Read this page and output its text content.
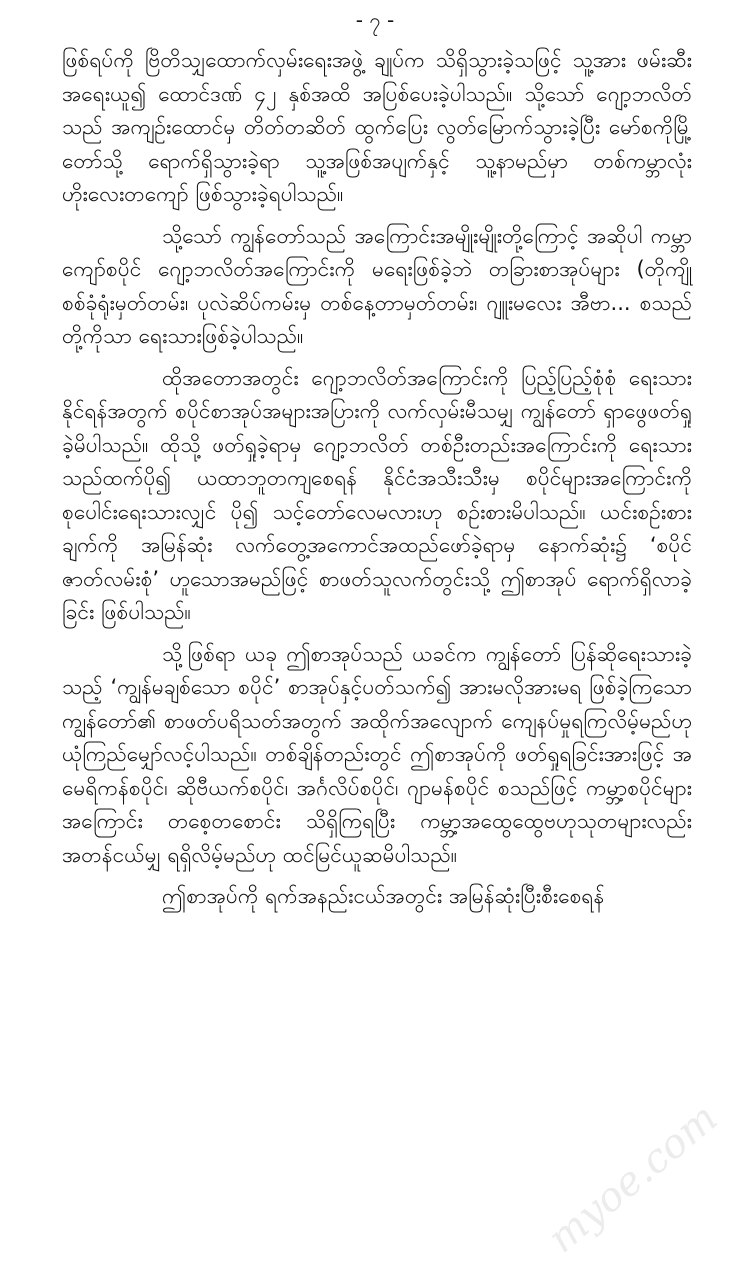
- ၇ -

ဖြစ်ရပ်ကို ဗြိတိသျှထောက်လှမ်းရေးအဖွဲ့ ချုပ်က သိရှိသွားခဲ့သဖြင့် သူ့အား ဖမ်းဆီးအရေးယူ၍ ထောင်ဒဏ် ၄၂ နှစ်အထိ အပြစ်ပေးခဲ့ပါသည်။ သို့သော် ဂျော့ဘလိတ်သည် အကျဉ်းထောင်မှ တိတ်တဆိတ် ထွက်ပြေး လွတ်မြောက်သွားခဲ့ပြီး မော်စကိုမြို့ တော်သို့ ရောက်ရှိသွားခဲ့ရာ သူ့အဖြစ်အပျက်နှင့် သူ့နာမည်မှာ တစ်ကမ္ဘာလုံး ဟိုးလေးတကျော် ဖြစ်သွားခဲ့ရပါသည်။

သို့သော် ကျွန်တော်သည် အကြောင်းအမျိုးမျိုးတို့ကြောင့် အဆိုပါ ကမ္ဘာကျော်စပိုင် ဂျော့ဘလိတ်အကြောင်းကို မရေးဖြစ်ခဲ့ဘဲ တခြားစာအုပ်များ (တိုကျိုစစ်ခုံရုံးမှတ်တမ်း၊ ပုလဲဆိပ်ကမ်းမှ တစ်နေ့တာမှတ်တမ်း၊ ဂျူးမလေး အီဗာ... စသည်တို့ကိုသာ ရေးသားဖြစ်ခဲ့ပါသည်။

ထိုအတောအတွင်း ဂျော့ဘလိတ်အကြောင်းကို ပြည့်ပြည့်စုံစုံ ရေးသားနိုင်ရန်အတွက် စပိုင်စာအုပ်အများအပြားကို လက်လှမ်းမီသမျှ ကျွန်တော် ရှာဖွေဖတ်ရှုခဲ့မိပါသည်။ ထိုသို့ ဖတ်ရှုခဲ့ရာမှ ဂျော့ဘလိတ် တစ်ဦးတည်းအကြောင်းကို ရေးသားသည်ထက်ပို၍ ယထာဘူတကျစေရန် နိုင်ငံအသီးသီးမှ စပိုင်များအကြောင်းကို စုပေါင်းရေးသားလျှင် ပို၍ သင့်တော်လေမလားဟု စဉ်းစားမိပါသည်။ ယင်းစဉ်းစားချက်ကို အမြန်ဆုံး လက်တွေ့အကောင်အထည်ဖော်ခဲ့ရာမှ နောက်ဆုံး၌ ‘စပိုင်ဇာတ်လမ်းစုံ’ ဟူသောအမည်ဖြင့် စာဖတ်သူလက်တွင်းသို့ ဤစာအုပ် ရောက်ရှိလာခဲ့ခြင်း ဖြစ်ပါသည်။

သို့ဖြစ်ရာ ယခု ဤစာအုပ်သည် ယခင်က ကျွန်တော် ပြန်ဆိုရေးသားခဲ့သည့် ‘ကျွန်မချစ်သော စပိုင်’ စာအုပ်နှင့်ပတ်သက်၍ အားမလိုအားမရ ဖြစ်ခဲ့ကြသော ကျွန်တော်၏ စာဖတ်ပရိသတ်အတွက် အထိုက်အလျောက် ကျေနပ်မှုရကြလိမ့်မည်ဟု ယုံကြည်မျှော်လင့်ပါသည်။ တစ်ချိန်တည်းတွင် ဤစာအုပ်ကို ဖတ်ရှုရခြင်းအားဖြင့် အမေရိကန်စပိုင်၊ ဆိုဗီယက်စပိုင်၊ အင်္ဂလိပ်စပိုင်၊ ဂျာမန်စပိုင် စသည်ဖြင့် ကမ္ဘာ့စပိုင်များအကြောင်း တစေ့တစောင်း သိရှိကြရပြီး ကမ္ဘာ့အထွေထွေဗဟုသုတများလည်း အတန်ငယ်မျှ ရရှိလိမ့်မည်ဟု ထင်မြင်ယူဆမိပါသည်။

ဤစာအုပ်ကို ရက်အနည်းငယ်အတွင်း အမြန်ဆုံးပြီးစီးစေရန်

myoe.com
